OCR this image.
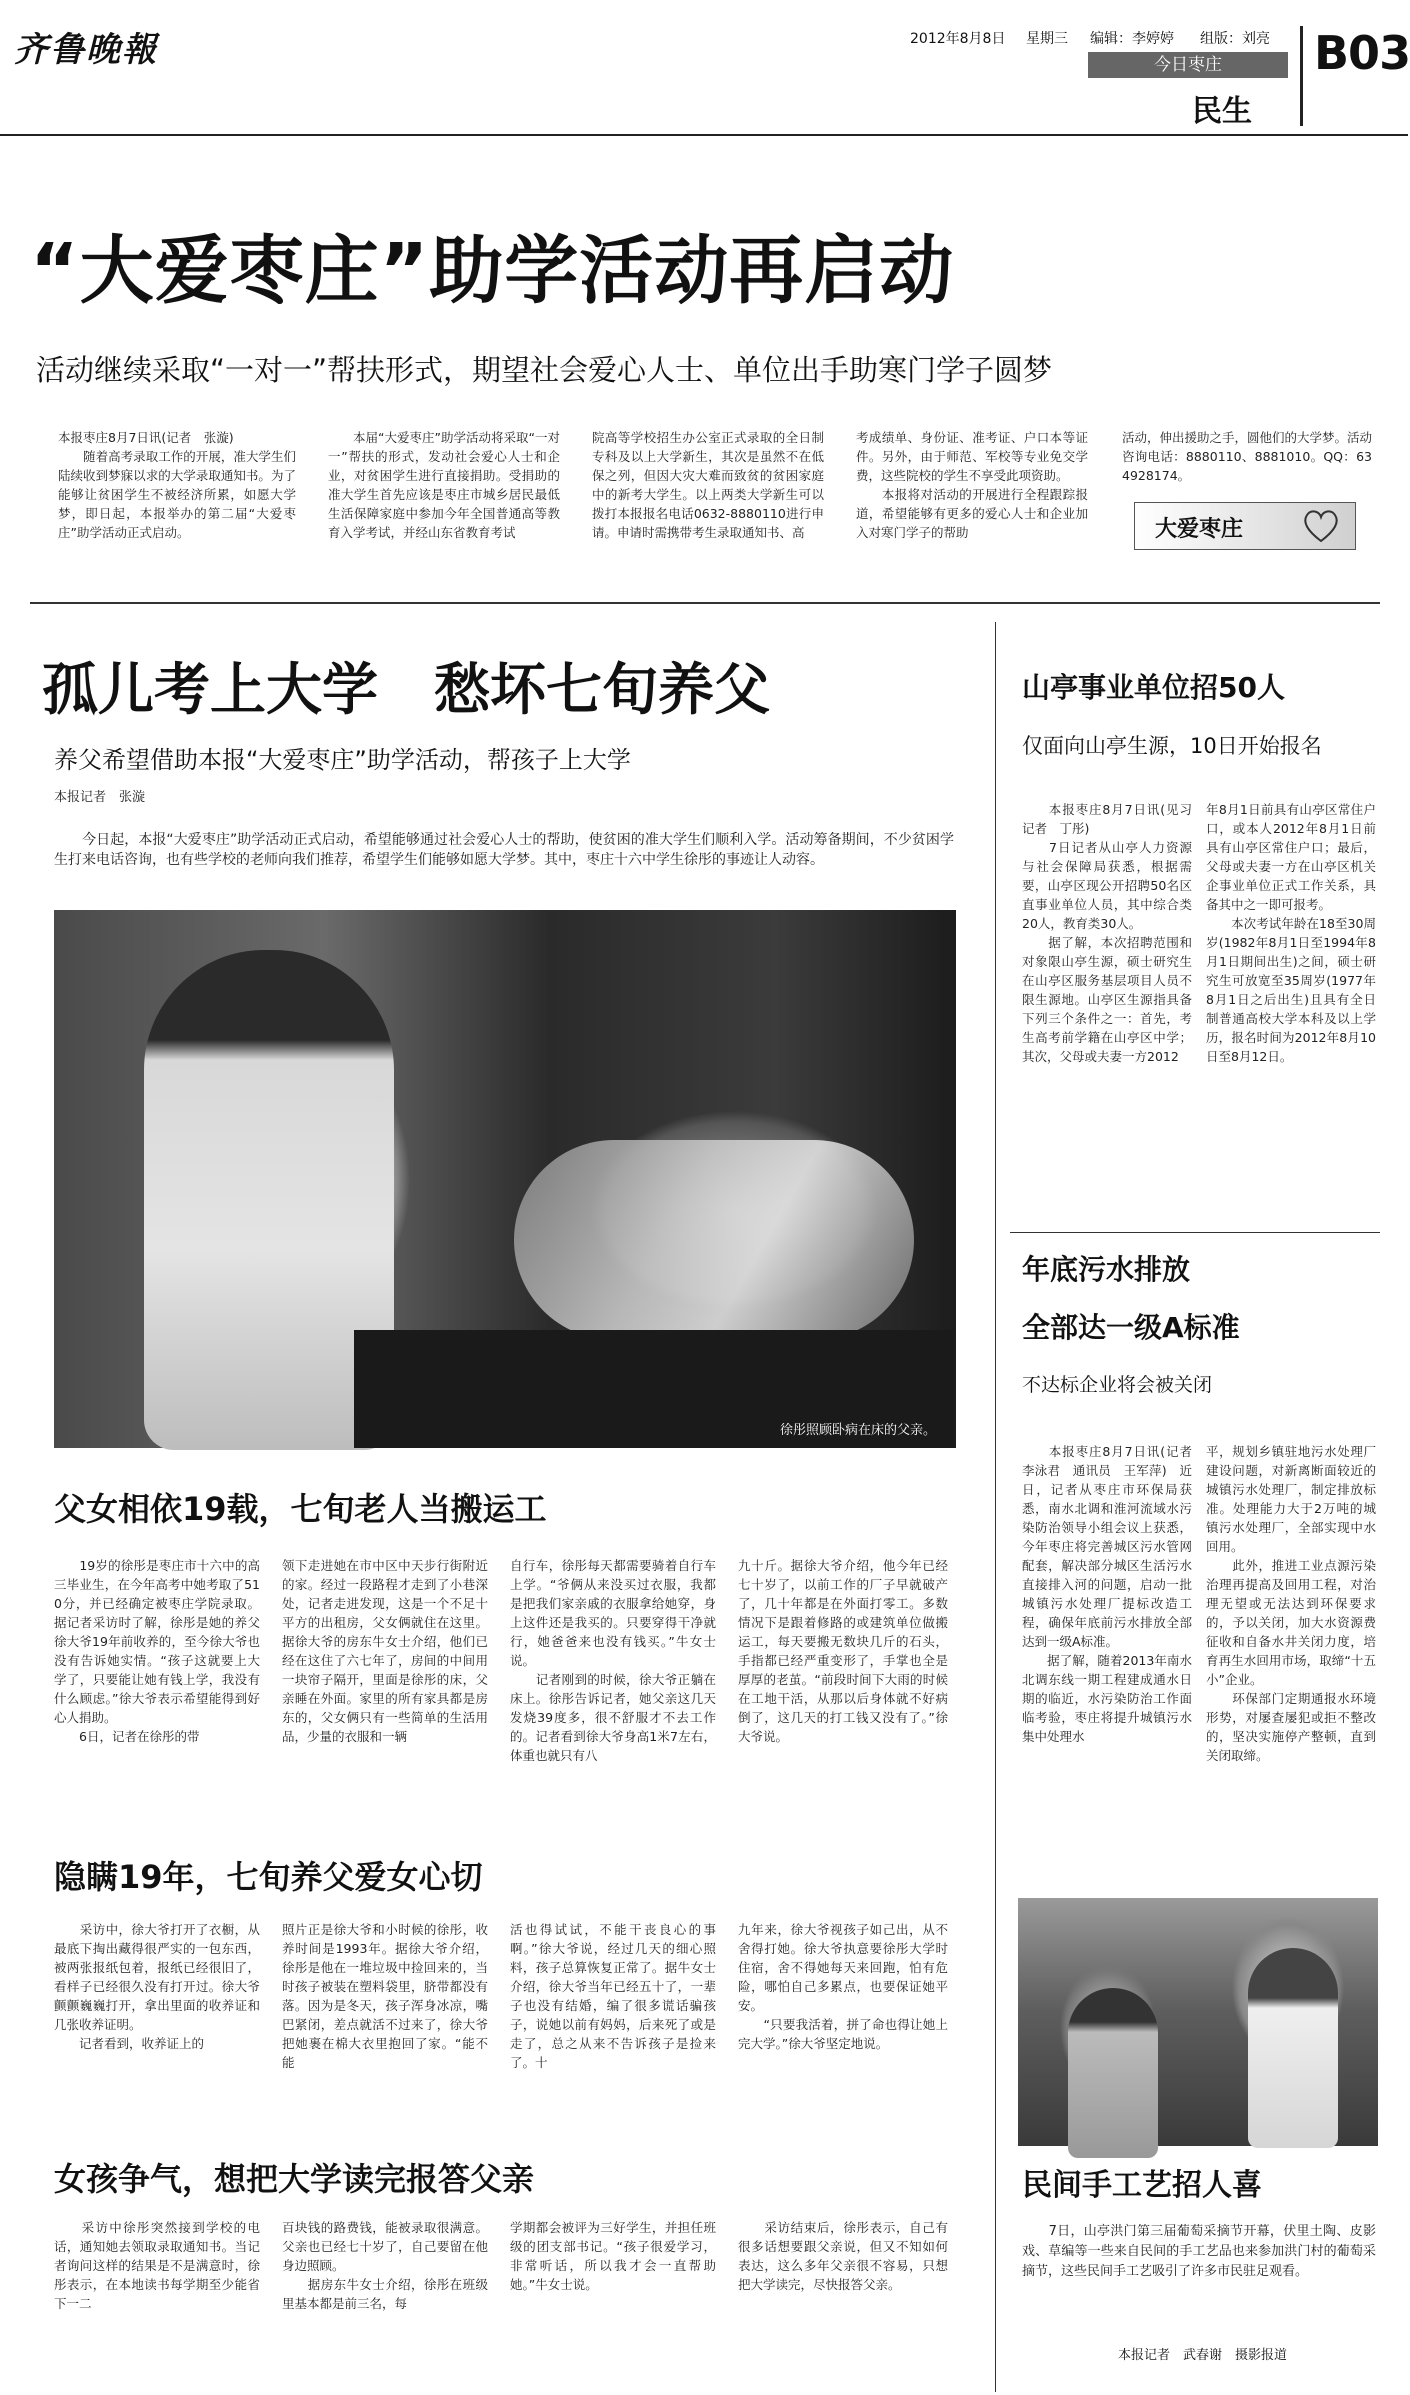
齐鲁晚報	2012年8月8日 星期三 编辑：李婷婷 组版：刘亮
今日枣庄
民生
B03
“大爱枣庄”助学活动再启动
活动继续采取“一对一”帮扶形式，期望社会爱心人士、单位出手助寒门学子圆梦
本报枣庄8月7日讯(记者　张漩)
　　随着高考录取工作的开展，准大学生们陆续收到梦寐以求的大学录取通知书。为了能够让贫困学生不被经济所累，如愿大学梦，即日起，本报举办的第二届“大爱枣庄”助学活动正式启动。
　　本届“大爱枣庄”助学活动将采取“一对一”帮扶的形式，发动社会爱心人士和企业，对贫困学生进行直接捐助。受捐助的准大学生首先应该是枣庄市城乡居民最低生活保障家庭中参加今年全国普通高等教育入学考试，并经山东省教育考试
院高等学校招生办公室正式录取的全日制专科及以上大学新生，其次是虽然不在低保之列，但因大灾大难而致贫的贫困家庭中的新考大学生。以上两类大学新生可以拨打本报报名电话0632-8880110进行申请。申请时需携带考生录取通知书、高
考成绩单、身份证、准考证、户口本等证件。另外，由于师范、军校等专业免交学费，这些院校的学生不享受此项资助。
　　本报将对活动的开展进行全程跟踪报道，希望能够有更多的爱心人士和企业加入对寒门学子的帮助
活动，伸出援助之手，圆他们的大学梦。活动咨询电话：8880110、8881010。QQ：634928174。
大爱枣庄
孤儿考上大学　愁坏七旬养父
养父希望借助本报“大爱枣庄”助学活动，帮孩子上大学
本报记者　张漩
　　今日起，本报“大爱枣庄”助学活动正式启动，希望能够通过社会爱心人士的帮助，使贫困的准大学生们顺利入学。活动筹备期间，不少贫困学生打来电话咨询，也有些学校的老师向我们推荐，希望学生们能够如愿大学梦。其中，枣庄十六中学生徐彤的事迹让人动容。
徐彤照顾卧病在床的父亲。
父女相依19载，七旬老人当搬运工
　　19岁的徐彤是枣庄市十六中的高三毕业生，在今年高考中她考取了510分，并已经确定被枣庄学院录取。据记者采访时了解，徐彤是她的养父徐大爷19年前收养的，至今徐大爷也没有告诉她实情。“孩子这就要上大学了，只要能让她有钱上学，我没有什么顾虑。”徐大爷表示希望能得到好心人捐助。
　　6日，记者在徐彤的带
领下走进她在市中区中天步行街附近的家。经过一段路程才走到了小巷深处，记者走进发现，这是一个不足十平方的出租房，父女俩就住在这里。据徐大爷的房东牛女士介绍，他们已经在这住了六七年了，房间的中间用一块帘子隔开，里面是徐彤的床，父亲睡在外面。家里的所有家具都是房东的，父女俩只有一些简单的生活用品，少量的衣服和一辆
自行车，徐彤每天都需要骑着自行车上学。“爷俩从来没买过衣服，我都是把我们家亲戚的衣服拿给她穿，身上这件还是我买的。只要穿得干净就行，她爸爸来也没有钱买。”牛女士说。
　　记者刚到的时候，徐大爷正躺在床上。徐彤告诉记者，她父亲这几天发烧39度多，很不舒服才不去工作的。记者看到徐大爷身高1米7左右，体重也就只有八
九十斤。据徐大爷介绍，他今年已经七十岁了，以前工作的厂子早就破产了，几十年都是在外面打零工。多数情况下是跟着修路的或建筑单位做搬运工，每天要搬无数块几斤的石头，手指都已经严重变形了，手掌也全是厚厚的老茧。“前段时间下大雨的时候在工地干活，从那以后身体就不好病倒了，这几天的打工钱又没有了。”徐大爷说。
隐瞒19年，七旬养父爱女心切
　　采访中，徐大爷打开了衣橱，从最底下掏出藏得很严实的一包东西，被两张报纸包着，报纸已经很旧了，看样子已经很久没有打开过。徐大爷颤颤巍巍打开，拿出里面的收养证和几张收养证明。
　　记者看到，收养证上的
照片正是徐大爷和小时候的徐彤，收养时间是1993年。据徐大爷介绍，徐彤是他在一堆垃圾中捡回来的，当时孩子被装在塑料袋里，脐带都没有落。因为是冬天，孩子浑身冰凉，嘴巴紧闭，差点就活不过来了，徐大爷把她裹在棉大衣里抱回了家。“能不能
活也得试试，不能干丧良心的事啊。”徐大爷说，经过几天的细心照料，孩子总算恢复正常了。据牛女士介绍，徐大爷当年已经五十了，一辈子也没有结婚，编了很多谎话骗孩子，说她以前有妈妈，后来死了或是走了，总之从来不告诉孩子是捡来了。十
九年来，徐大爷视孩子如己出，从不舍得打她。徐大爷执意要徐彤大学时住宿，舍不得她每天来回跑，怕有危险，哪怕自己多累点，也要保证她平安。
　　“只要我活着，拼了命也得让她上完大学。”徐大爷坚定地说。
女孩争气，想把大学读完报答父亲
　　采访中徐彤突然接到学校的电话，通知她去领取录取通知书。当记者询问这样的结果是不是满意时，徐彤表示，在本地读书每学期至少能省下一二
百块钱的路费钱，能被录取很满意。父亲也已经七十岁了，自己要留在他身边照顾。
　　据房东牛女士介绍，徐彤在班级里基本都是前三名，每
学期都会被评为三好学生，并担任班级的团支部书记。“孩子很爱学习，非常听话，所以我才会一直帮助她。”牛女士说。
　　采访结束后，徐彤表示，自己有很多话想要跟父亲说，但又不知如何表达，这么多年父亲很不容易，只想把大学读完，尽快报答父亲。
山亭事业单位招50人
仅面向山亭生源，10日开始报名
　　本报枣庄8月7日讯(见习记者　丁彤)
　　7日记者从山亭人力资源与社会保障局获悉，根据需要，山亭区现公开招聘50名区直事业单位人员，其中综合类20人，教育类30人。
　　据了解，本次招聘范围和对象限山亭生源，硕士研究生在山亭区服务基层项目人员不限生源地。山亭区生源指具备下列三个条件之一：首先，考生高考前学籍在山亭区中学；其次，父母或夫妻一方2012
年8月1日前具有山亭区常住户口，或本人2012年8月1日前具有山亭区常住户口；最后，父母或夫妻一方在山亭区机关企事业单位正式工作关系，具备其中之一即可报考。
　　本次考试年龄在18至30周岁(1982年8月1日至1994年8月1日期间出生)之间，硕士研究生可放宽至35周岁(1977年8月1日之后出生)且具有全日制普通高校大学本科及以上学历，报名时间为2012年8月10日至8月12日。
年底污水排放
全部达一级A标准
不达标企业将会被关闭
　　本报枣庄8月7日讯(记者　李泳君　通讯员　王军萍)　近日，记者从枣庄市环保局获悉，南水北调和淮河流域水污染防治领导小组会议上获悉，今年枣庄将完善城区污水管网配套，解决部分城区生活污水直接排入河的问题，启动一批城镇污水处理厂提标改造工程，确保年底前污水排放全部达到一级A标准。
　　据了解，随着2013年南水北调东线一期工程建成通水日期的临近，水污染防治工作面临考验，枣庄将提升城镇污水集中处理水
平，规划乡镇驻地污水处理厂建设问题，对新离断面较近的城镇污水处理厂，制定排放标准。处理能力大于2万吨的城镇污水处理厂，全部实现中水回用。
　　此外，推进工业点源污染治理再提高及回用工程，对治理无望或无法达到环保要求的，予以关闭，加大水资源费征收和自备水井关闭力度，培育再生水回用市场，取缔“十五小”企业。
　　环保部门定期通报水环境形势，对屡查屡犯或拒不整改的，坚决实施停产整顿，直到关闭取缔。
民间手工艺招人喜
　　7日，山亭洪门第三届葡萄采摘节开幕，伏里土陶、皮影戏、草编等一些来自民间的手工艺品也来参加洪门村的葡萄采摘节，这些民间手工艺吸引了许多市民驻足观看。
本报记者　武春谢　摄影报道
